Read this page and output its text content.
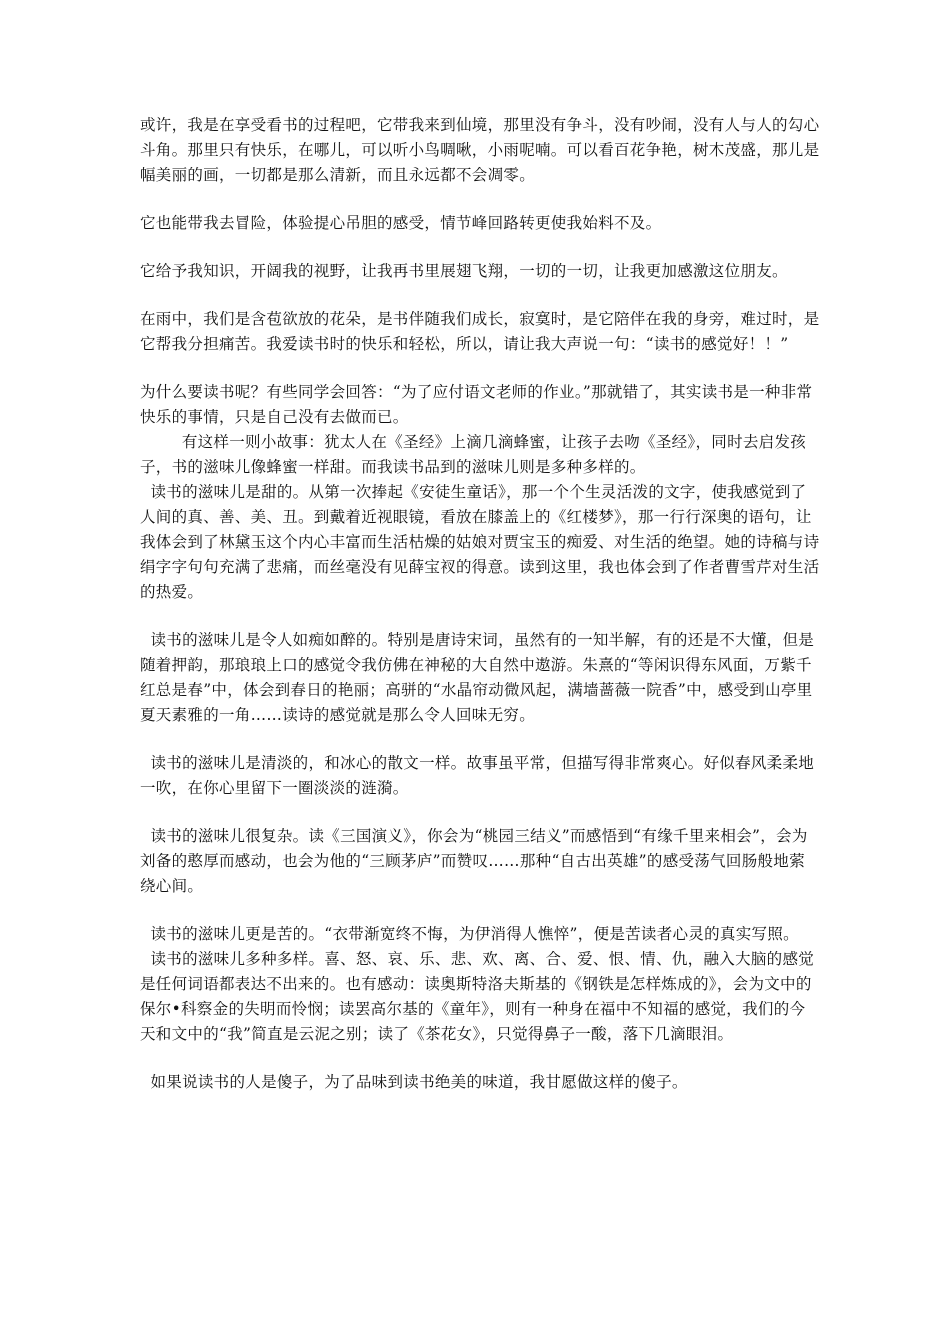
或许，我是在享受看书的过程吧，它带我来到仙境，那里没有争斗，没有吵闹，没有人与人的勾心斗角。那里只有快乐，在哪儿，可以听小鸟啁啾，小雨呢喃。可以看百花争艳，树木茂盛，那儿是幅美丽的画，一切都是那么清新，而且永远都不会凋零。

它也能带我去冒险，体验提心吊胆的感受，情节峰回路转更使我始料不及。

它给予我知识，开阔我的视野，让我再书里展翅飞翔，一切的一切，让我更加感激这位朋友。

在雨中，我们是含苞欲放的花朵，是书伴随我们成长，寂寞时，是它陪伴在我的身旁，难过时，是它帮我分担痛苦。我爱读书时的快乐和轻松，所以，请让我大声说一句：“读书的感觉好！！”

为什么要读书呢？有些同学会回答：“为了应付语文老师的作业。”那就错了，其实读书是一种非常快乐的事情，只是自己没有去做而已。

有这样一则小故事：犹太人在《圣经》上滴几滴蜂蜜，让孩子去吻《圣经》，同时去启发孩子，书的滋味儿像蜂蜜一样甜。而我读书品到的滋味儿则是多种多样的。

读书的滋味儿是甜的。从第一次捧起《安徒生童话》，那一个个生灵活泼的文字，使我感觉到了人间的真、善、美、丑。到戴着近视眼镜，看放在膝盖上的《红楼梦》，那一行行深奥的语句，让我体会到了林黛玉这个内心丰富而生活枯燥的姑娘对贾宝玉的痴爱、对生活的绝望。她的诗稿与诗绢字字句句充满了悲痛，而丝毫没有见薛宝衩的得意。读到这里，我也体会到了作者曹雪芹对生活的热爱。

读书的滋味儿是令人如痴如醉的。特别是唐诗宋词，虽然有的一知半解，有的还是不大懂，但是随着押韵，那琅琅上口的感觉令我仿佛在神秘的大自然中遨游。朱熹的“等闲识得东风面，万紫千红总是春”中，体会到春日的艳丽；高骈的“水晶帘动微风起，满墙蔷薇一院香”中，感受到山亭里夏天素雅的一角……读诗的感觉就是那么令人回味无穷。

读书的滋味儿是清淡的，和冰心的散文一样。故事虽平常，但描写得非常爽心。好似春风柔柔地一吹，在你心里留下一圈淡淡的涟漪。

读书的滋味儿很复杂。读《三国演义》，你会为“桃园三结义”而感悟到“有缘千里来相会”，会为刘备的憨厚而感动，也会为他的“三顾茅庐”而赞叹……那种“自古出英雄”的感受荡气回肠般地萦绕心间。

读书的滋味儿更是苦的。“衣带渐宽终不悔，为伊消得人憔悴”，便是苦读者心灵的真实写照。

读书的滋味儿多种多样。喜、怒、哀、乐、悲、欢、离、合、爱、恨、情、仇，融入大脑的感觉是任何词语都表达不出来的。也有感动：读奥斯特洛夫斯基的《钢铁是怎样炼成的》，会为文中的保尔•科察金的失明而怜悯；读罢高尔基的《童年》，则有一种身在福中不知福的感觉，我们的今天和文中的“我”简直是云泥之别；读了《茶花女》，只觉得鼻子一酸，落下几滴眼泪。

如果说读书的人是傻子，为了品味到读书绝美的味道，我甘愿做这样的傻子。
